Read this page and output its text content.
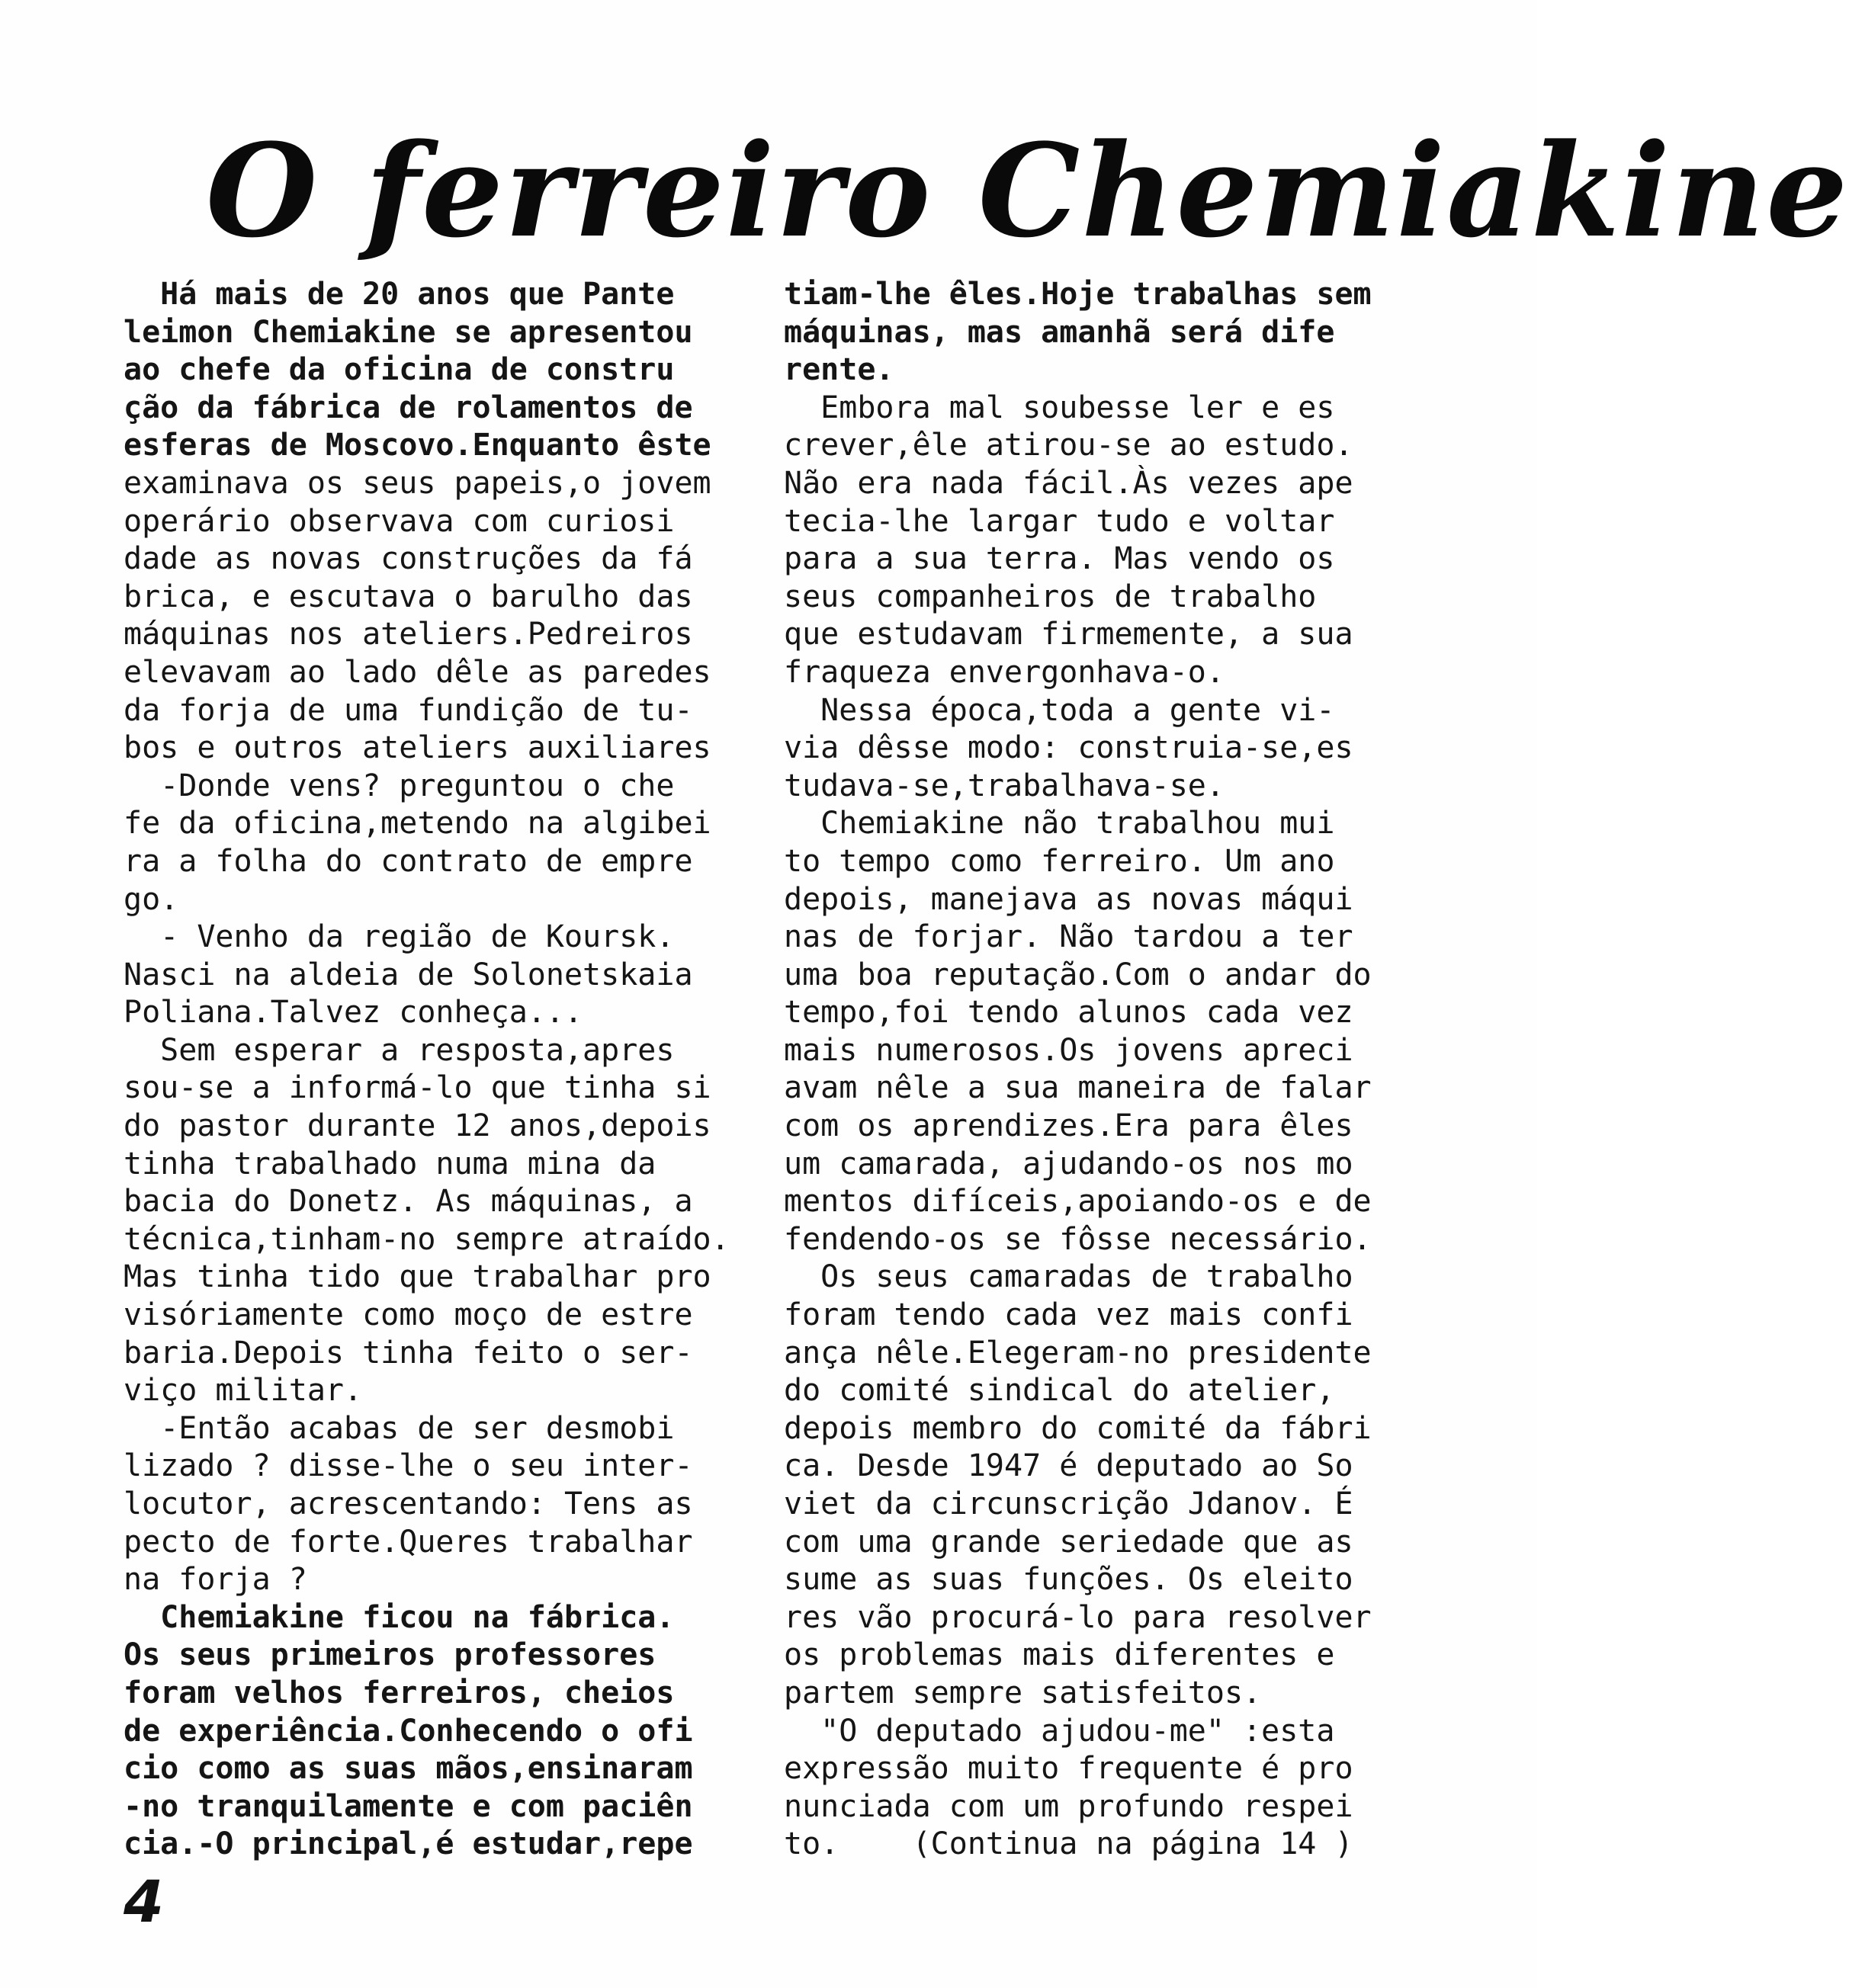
O ferreiro Chemiakine
Há mais de 20 anos que Pante
leimon Chemiakine se apresentou
ao chefe da oficina de constru
ção da fábrica de rolamentos de
esferas de Moscovo.Enquanto êste
examinava os seus papeis,o jovem
operário observava com curiosi
dade as novas construções da fá
brica, e escutava o barulho das
máquinas nos ateliers.Pedreiros
elevavam ao lado dêle as paredes
da forja de uma fundição de tu-
bos e outros ateliers auxiliares
-Donde vens? preguntou o che
fe da oficina,metendo na algibei
ra a folha do contrato de empre
go.
- Venho da região de Koursk.
Nasci na aldeia de Solonetskaia
Poliana.Talvez conheça...
Sem esperar a resposta,apres
sou-se a informá-lo que tinha si
do pastor durante 12 anos,depois
tinha trabalhado numa mina da
bacia do Donetz. As máquinas, a
técnica,tinham-no sempre atraído.
Mas tinha tido que trabalhar pro
visóriamente como moço de estre
baria.Depois tinha feito o ser-
viço militar.
-Então acabas de ser desmobi
lizado ? disse-lhe o seu inter-
locutor, acrescentando: Tens as
pecto de forte.Queres trabalhar
na forja ?
Chemiakine ficou na fábrica.
Os seus primeiros professores
foram velhos ferreiros, cheios
de experiência.Conhecendo o ofi
cio como as suas mãos,ensinaram
-no tranquilamente e com paciên
cia.-O principal,é estudar,repe
tiam-lhe êles.Hoje trabalhas sem
máquinas, mas amanhã será dife
rente.
Embora mal soubesse ler e es
crever,êle atirou-se ao estudo.
Não era nada fácil.Às vezes ape
tecia-lhe largar tudo e voltar
para a sua terra. Mas vendo os
seus companheiros de trabalho
que estudavam firmemente, a sua
fraqueza envergonhava-o.
Nessa época,toda a gente vi-
via dêsse modo: construia-se,es
tudava-se,trabalhava-se.
Chemiakine não trabalhou mui
to tempo como ferreiro. Um ano
depois, manejava as novas máqui
nas de forjar. Não tardou a ter
uma boa reputação.Com o andar do
tempo,foi tendo alunos cada vez
mais numerosos.Os jovens apreci
avam nêle a sua maneira de falar
com os aprendizes.Era para êles
um camarada, ajudando-os nos mo
mentos difíceis,apoiando-os e de
fendendo-os se fôsse necessário.
Os seus camaradas de trabalho
foram tendo cada vez mais confi
ança nêle.Elegeram-no presidente
do comité sindical do atelier,
depois membro do comité da fábri
ca. Desde 1947 é deputado ao So
viet da circunscrição Jdanov. É
com uma grande seriedade que as
sume as suas funções. Os eleito
res vão procurá-lo para resolver
os problemas mais diferentes e
partem sempre satisfeitos.
"O deputado ajudou-me" :esta
expressão muito frequente é pro
nunciada com um profundo respei
to.    (Continua na página 14 )
4
